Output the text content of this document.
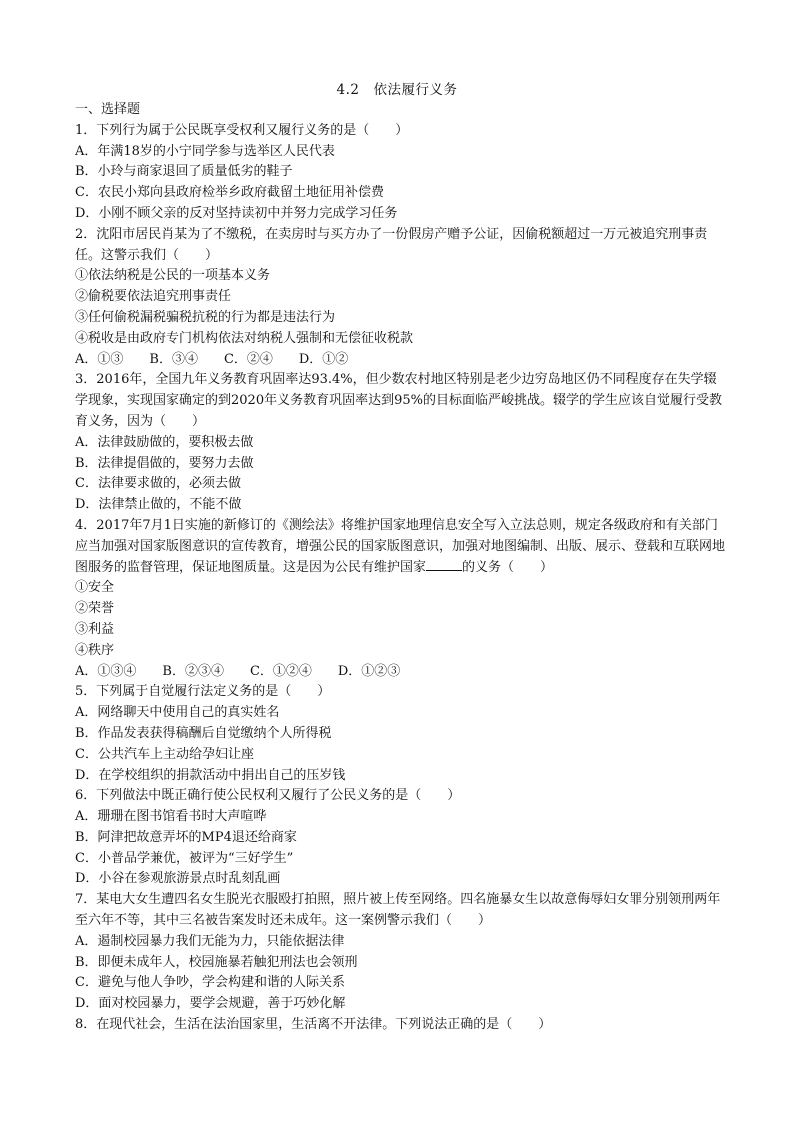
4.2　依法履行义务
一、选择题
1．下列行为属于公民既享受权利又履行义务的是（　　）
A．年满18岁的小宁同学参与选举区人民代表
B．小玲与商家退回了质量低劣的鞋子
C．农民小郑向县政府检举乡政府截留土地征用补偿费
D．小刚不顾父亲的反对坚持读初中并努力完成学习任务
2．沈阳市居民肖某为了不缴税，在卖房时与买方办了一份假房产赠予公证，因偷税额超过一万元被追究刑事责任。这警示我们（　　）
①依法纳税是公民的一项基本义务
②偷税要依法追究刑事责任
③任何偷税漏税骗税抗税的行为都是违法行为
④税收是由政府专门机构依法对纳税人强制和无偿征收税款
A．①③　　B．③④　　C．②④　　D．①②
3．2016年，全国九年义务教育巩固率达93.4%，但少数农村地区特别是老少边穷岛地区仍不同程度存在失学辍学现象，实现国家确定的到2020年义务教育巩固率达到95%的目标面临严峻挑战。辍学的学生应该自觉履行受教育义务，因为（　　）
A．法律鼓励做的，要积极去做
B．法律提倡做的，要努力去做
C．法律要求做的，必须去做
D．法律禁止做的，不能不做
4．2017年7月1日实施的新修订的《测绘法》将维护国家地理信息安全写入立法总则，规定各级政府和有关部门应当加强对国家版图意识的宣传教育，增强公民的国家版图意识，加强对地图编制、出版、展示、登载和互联网地图服务的监督管理，保证地图质量。这是因为公民有维护国家	的义务（　　）
①安全
②荣誉
③利益
④秩序
A．①③④　　B．②③④　　C．①②④　　D．①②③
5．下列属于自觉履行法定义务的是（　　）
A．网络聊天中使用自己的真实姓名
B．作品发表获得稿酬后自觉缴纳个人所得税
C．公共汽车上主动给孕妇让座
D．在学校组织的捐款活动中捐出自己的压岁钱
6．下列做法中既正确行使公民权利又履行了公民义务的是（　　）
A．珊珊在图书馆看书时大声喧哗
B．阿津把故意弄坏的MP4退还给商家
C．小普品学兼优，被评为“三好学生”
D．小谷在参观旅游景点时乱刻乱画
7．某电大女生遭四名女生脱光衣服殴打拍照，照片被上传至网络。四名施暴女生以故意侮辱妇女罪分别领刑两年至六年不等，其中三名被告案发时还未成年。这一案例警示我们（　　）
A．遏制校园暴力我们无能为力，只能依据法律
B．即便未成年人，校园施暴若触犯刑法也会领刑
C．避免与他人争吵，学会构建和谐的人际关系
D．面对校园暴力，要学会规避，善于巧妙化解
8．在现代社会，生活在法治国家里，生活离不开法律。下列说法正确的是（　　）
